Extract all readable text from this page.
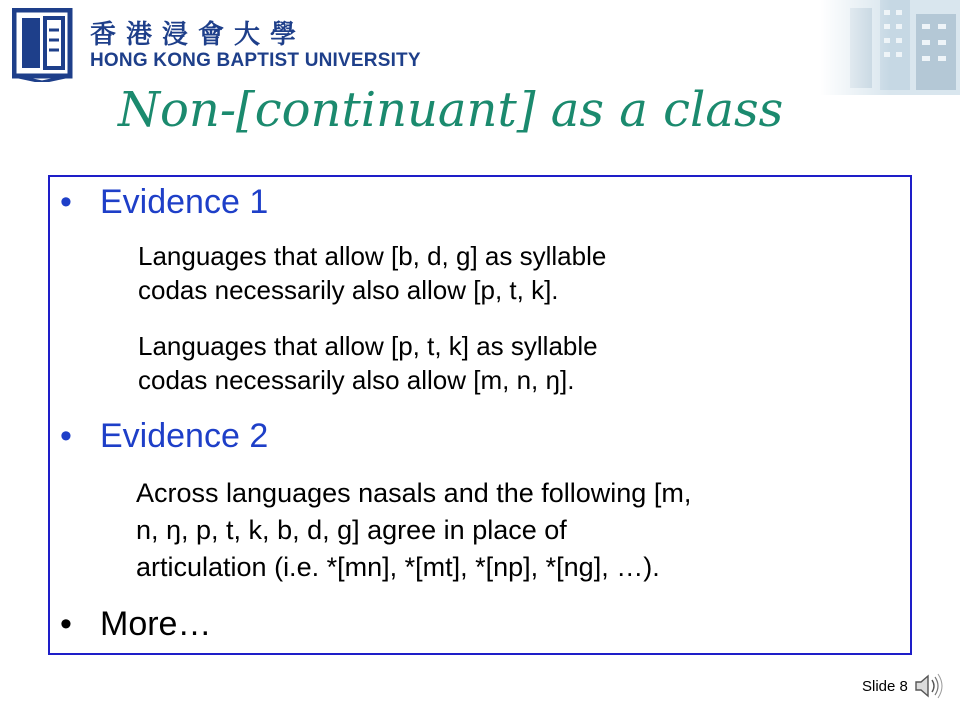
香港浸會大學
HONG KONG BAPTIST UNIVERSITY
Non-[continuant] as a class
• Evidence 1
Languages that allow [b, d, g] as syllable
codas necessarily also allow [p, t, k].
Languages that allow [p, t, k] as syllable
codas necessarily also allow [m, n, ŋ].
• Evidence 2
Across languages nasals and the following [m,
n, ŋ, p, t, k, b, d, g] agree in place of
articulation (i.e. *[mn], *[mt], *[np], *[ng], …).
• More…
Slide 8
